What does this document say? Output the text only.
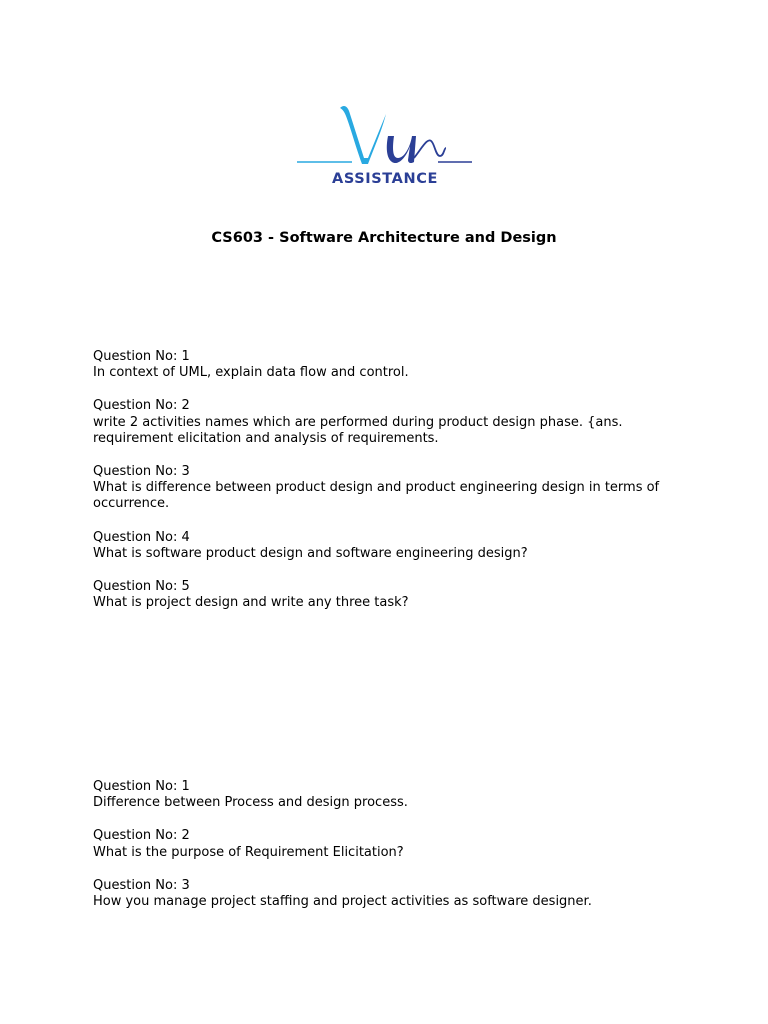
ASSISTANCE
CS603 - Software Architecture and Design
Question No: 1
In context of UML, explain data flow and control.
Question No: 2
write 2 activities names which are performed during product design phase. {ans. requirement elicitation and analysis of requirements.
Question No: 3
What is difference between product design and product engineering design in terms of occurrence.
Question No: 4
What is software product design and software engineering design?
Question No: 5
What is project design and write any three task?
Question No: 1
Difference between Process and design process.
Question No: 2
What is the purpose of Requirement Elicitation?
Question No: 3
How you manage project staffing and project activities as software designer.
